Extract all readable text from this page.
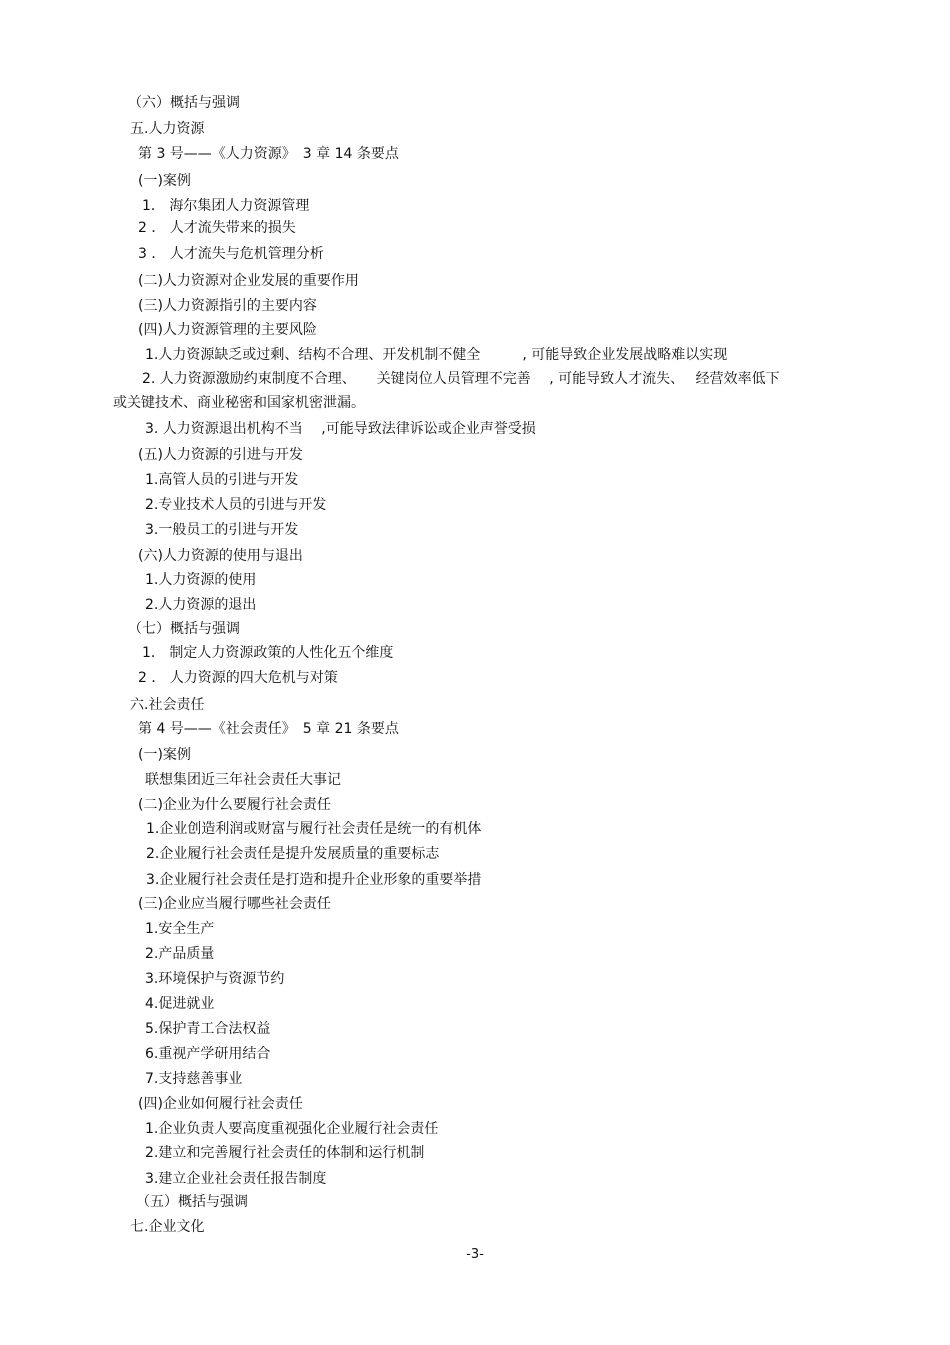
（六）概括与强调
五.人力资源
第 3 号——《人力资源》　3 章 14 条要点
(一)案例
1． 海尔集团人力资源管理
2 ． 人才流失带来的损失
3 ． 人才流失与危机管理分析
(二)人力资源对企业发展的重要作用
(三)人力资源指引的主要内容
(四)人力资源管理的主要风险
1.人力资源缺乏或过剩、结构不合理、开发机制不健全　　　, 可能导致企业发展战略难以实现
2. 人力资源激励约束制度不合理、　　关键岗位人员管理不完善　 , 可能导致人才流失、　 经营效率低下
或关键技术、商业秘密和国家机密泄漏。
3. 人力资源退出机构不当　 ,可能导致法律诉讼或企业声誉受损
(五)人力资源的引进与开发
1.高管人员的引进与开发
2.专业技术人员的引进与开发
3.一般员工的引进与开发
(六)人力资源的使用与退出
1.人力资源的使用
2.人力资源的退出
（七）概括与强调
1． 制定人力资源政策的人性化五个维度
2 ． 人力资源的四大危机与对策
六.社会责任
第 4 号——《社会责任》　5 章 21 条要点
(一)案例
联想集团近三年社会责任大事记
(二)企业为什么要履行社会责任
1.企业创造利润或财富与履行社会责任是统一的有机体
2.企业履行社会责任是提升发展质量的重要标志
3.企业履行社会责任是打造和提升企业形象的重要举措
(三)企业应当履行哪些社会责任
1.安全生产
2.产品质量
3.环境保护与资源节约
4.促进就业
5.保护青工合法权益
6.重视产学研用结合
7.支持慈善事业
(四)企业如何履行社会责任
1.企业负责人要高度重视强化企业履行社会责任
2.建立和完善履行社会责任的体制和运行机制
3.建立企业社会责任报告制度
（五）概括与强调
七.企业文化
-3-
